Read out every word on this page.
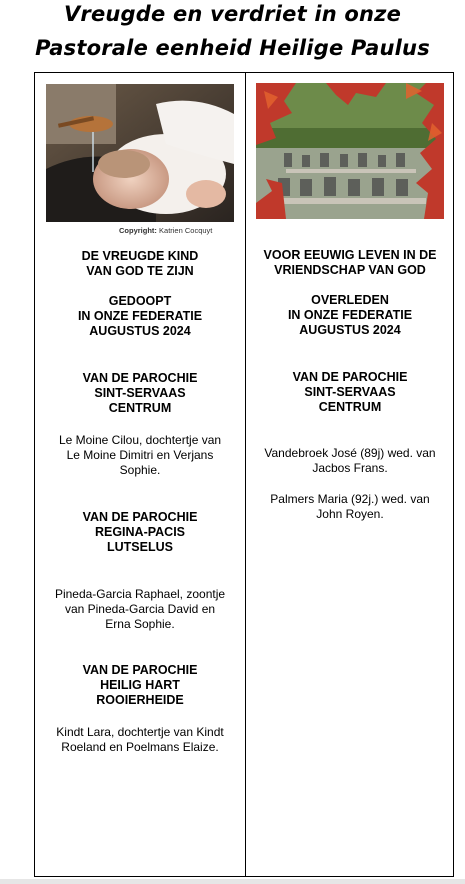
Vreugde en verdriet in onze
Pastorale eenheid Heilige Paulus
Copyright: Katrien Cocquyt
DE VREUGDE KIND
VAN GOD TE ZIJN
GEDOOPT
IN ONZE FEDERATIE
AUGUSTUS 2024
VAN DE PAROCHIE
SINT-SERVAAS
CENTRUM
Le Moine Cilou, dochtertje van
Le Moine Dimitri en Verjans
Sophie.
VAN DE PAROCHIE
REGINA-PACIS
LUTSELUS
Pineda-Garcia Raphael, zoontje
van Pineda-Garcia David en
Erna Sophie.
VAN DE PAROCHIE
HEILIG HART
ROOIERHEIDE
Kindt Lara, dochtertje van Kindt
Roeland en Poelmans Elaize.
VOOR EEUWIG LEVEN IN DE
VRIENDSCHAP VAN GOD
OVERLEDEN
IN ONZE FEDERATIE
AUGUSTUS 2024
VAN DE PAROCHIE
SINT-SERVAAS
CENTRUM
Vandebroek José (89j) wed. van
Jacbos Frans.
Palmers Maria (92j.) wed. van
John Royen.
